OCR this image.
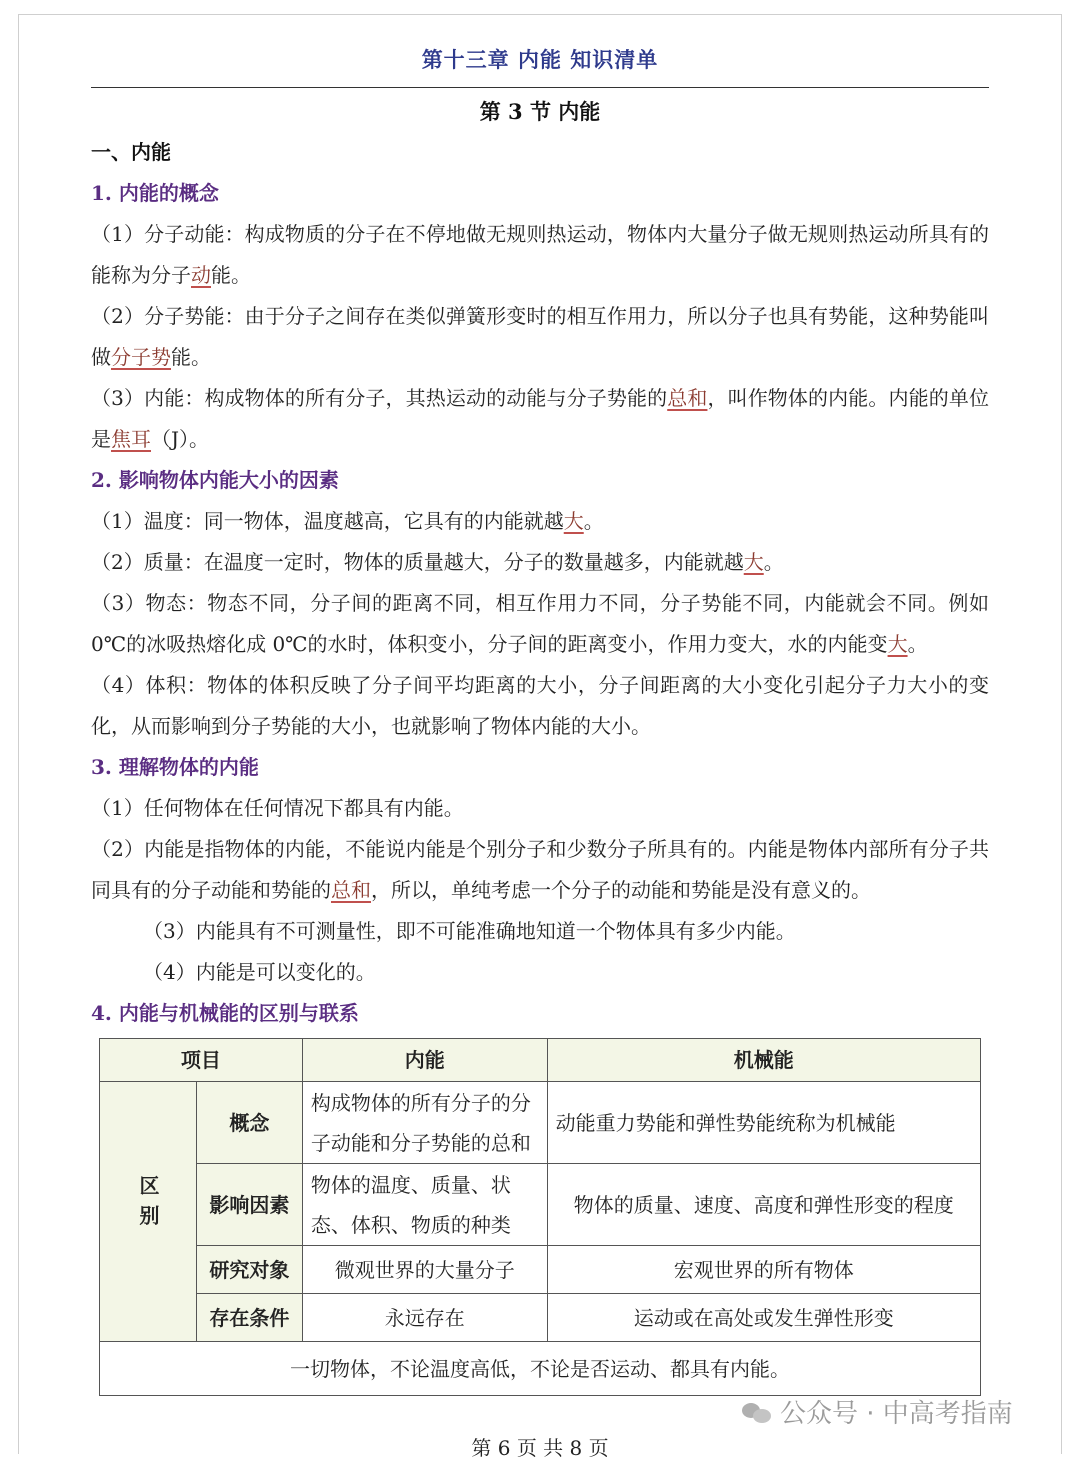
第十三章 内能 知识清单
第 3 节 内能
一、内能
1. 内能的概念
（1）分子动能：构成物质的分子在不停地做无规则热运动，物体内大量分子做无规则热运动所具有的能称为分子动能。
（2）分子势能：由于分子之间存在类似弹簧形变时的相互作用力，所以分子也具有势能，这种势能叫做分子势能。
（3）内能：构成物体的所有分子，其热运动的动能与分子势能的总和，叫作物体的内能。内能的单位是焦耳（J）。
2. 影响物体内能大小的因素
（1）温度：同一物体，温度越高，它具有的内能就越大。
（2）质量：在温度一定时，物体的质量越大，分子的数量越多，内能就越大。
（3）物态：物态不同，分子间的距离不同，相互作用力不同，分子势能不同，内能就会不同。例如 0℃的冰吸热熔化成 0℃的水时，体积变小，分子间的距离变小，作用力变大，水的内能变大。
（4）体积：物体的体积反映了分子间平均距离的大小，分子间距离的大小变化引起分子力大小的变化，从而影响到分子势能的大小，也就影响了物体内能的大小。
3. 理解物体的内能
（1）任何物体在任何情况下都具有内能。
（2）内能是指物体的内能，不能说内能是个别分子和少数分子所具有的。内能是物体内部所有分子共同具有的分子动能和势能的总和，所以，单纯考虑一个分子的动能和势能是没有意义的。
（3）内能具有不可测量性，即不可能准确地知道一个物体具有多少内能。
（4）内能是可以变化的。
4. 内能与机械能的区别与联系
项目		内能	机械能
区别	概念	构成物体的所有分子的分子动能和分子势能的总和	动能重力势能和弹性势能统称为机械能
	影响因素	物体的温度、质量、状态、体积、物质的种类	物体的质量、速度、高度和弹性形变的程度
	研究对象	微观世界的大量分子	宏观世界的所有物体
	存在条件	永远存在	运动或在高处或发生弹性形变
一切物体，不论温度高低，不论是否运动、都具有内能。			
公众号 · 中高考指南
第 6 页 共 8 页
